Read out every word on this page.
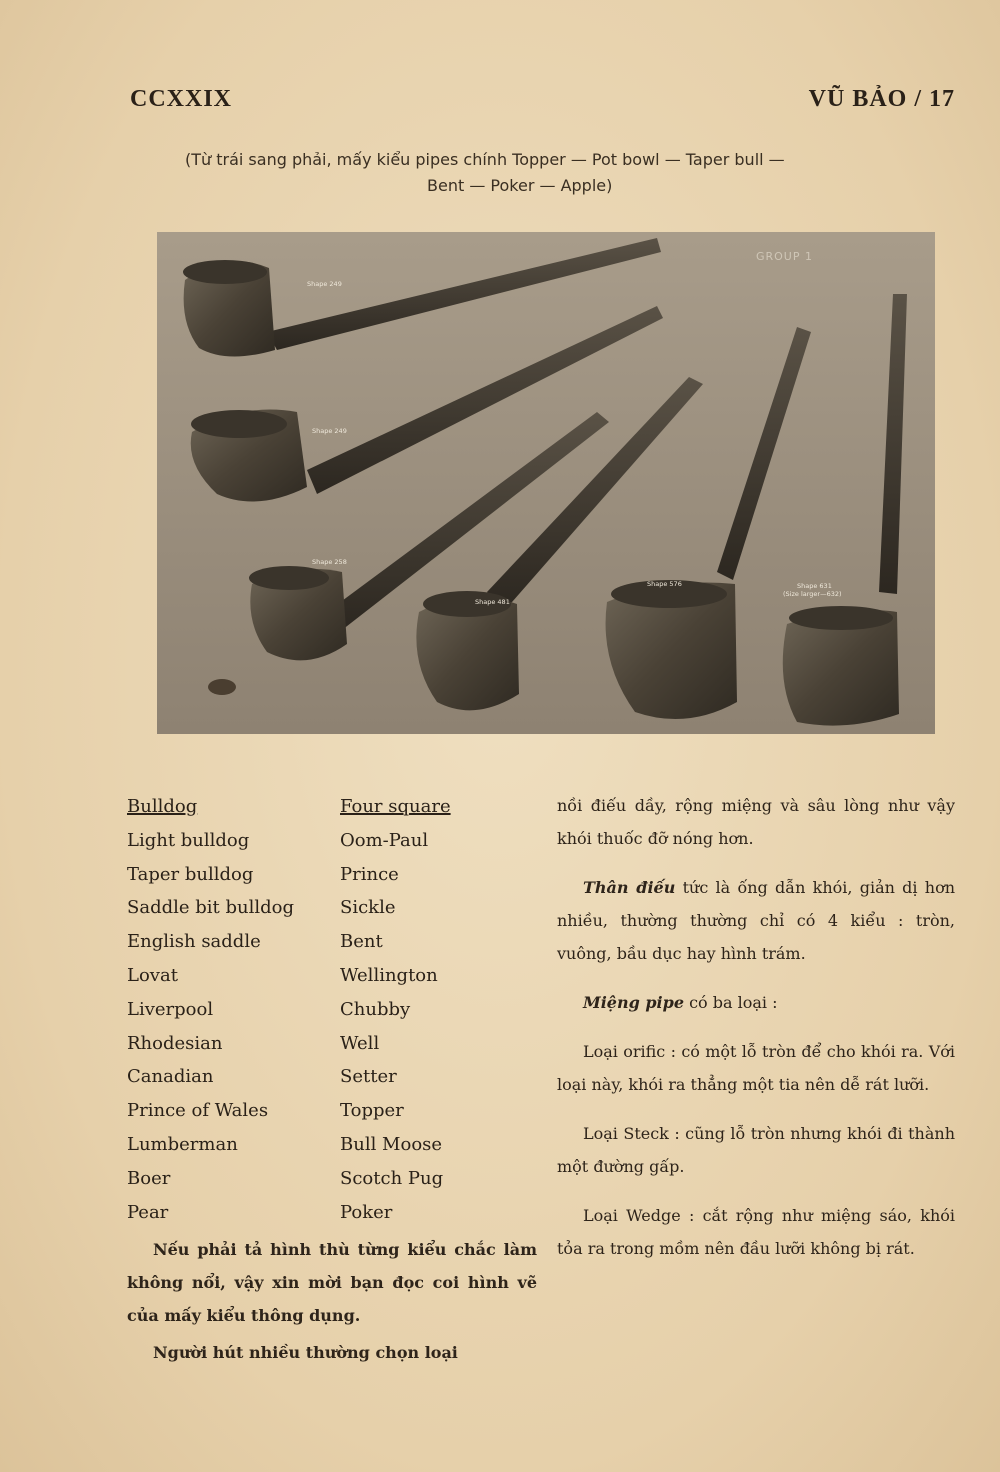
CCXXIX	VŨ BẢO / 17
(Từ trái sang phải, mấy kiểu pipes chính Topper — Pot bowl — Taper bull —
Bent — Poker — Apple)
GROUP 1
Shape 249
Shape 249
Shape 258
Shape 481
Shape 576	Shape 631
(Size larger—632)
Bulldog
Light bulldog
Taper bulldog
Saddle bit bulldog
English saddle
Lovat
Liverpool
Rhodesian
Canadian
Prince of Wales
Lumberman
Boer
Pear
Four square
Oom-Paul
Prince
Sickle
Bent
Wellington
Chubby
Well
Setter
Topper
Bull Moose
Scotch Pug
Poker

Nếu phải tả hình thù từng kiểu chắc làm không nổi, vậy xin mời bạn đọc coi hình vẽ của mấy kiểu thông dụng.

Người hút nhiều thường chọn loại

nồi điếu dầy, rộng miệng và sâu lòng như vậy khói thuốc đỡ nóng hơn.

Thân điếu tức là ống dẫn khói, giản dị hơn nhiều, thường thường chỉ có 4 kiểu : tròn, vuông, bầu dục hay hình trám.

Miệng pipe có ba loại :

Loại orific : có một lỗ tròn để cho khói ra. Với loại này, khói ra thẳng một tia nên dễ rát lưỡi.

Loại Steck : cũng lỗ tròn nhưng khói đi thành một đường gấp.

Loại Wedge : cắt rộng như miệng sáo, khói tỏa ra trong mồm nên đầu lưỡi không bị rát.
